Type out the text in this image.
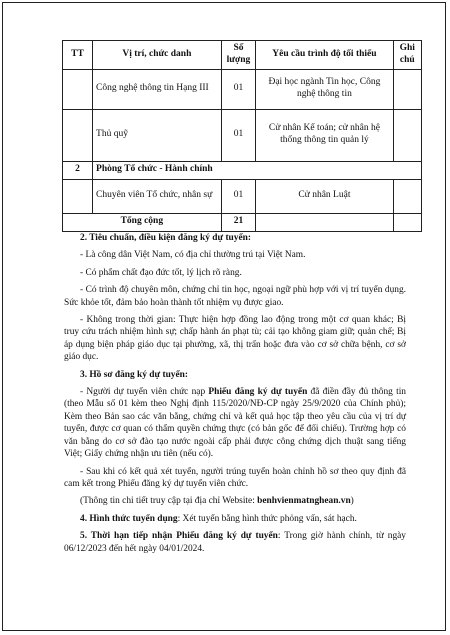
TT	Vị trí, chức danh	Số lượng	Yêu cầu trình độ tối thiểu	Ghi chú
	Công nghệ thông tin Hạng III	01	Đại học ngành Tin học, Công nghệ thông tin	
	Thủ quỹ	01	Cử nhân Kế toán; cử nhân hệ thống thông tin quản lý	
2	Phòng Tổ chức - Hành chính			
	Chuyên viên Tổ chức, nhân sự	01	Cử nhân Luật	
Tổng cộng		21		

2. Tiêu chuẩn, điều kiện đăng ký dự tuyển:

- Là công dân Việt Nam, có địa chỉ thường trú tại Việt Nam.

- Có phẩm chất đạo đức tốt, lý lịch rõ ràng.

- Có trình độ chuyên môn, chứng chỉ tin học, ngoại ngữ phù hợp với vị trí tuyển dụng. Sức khỏe tốt, đảm bảo hoàn thành tốt nhiệm vụ được giao.

- Không trong thời gian: Thực hiện hợp đồng lao động trong một cơ quan khác; Bị truy cứu trách nhiệm hình sự; chấp hành án phạt tù; cải tạo không giam giữ; quản chế; Bị áp dụng biện pháp giáo dục tại phường, xã, thị trấn hoặc đưa vào cơ sở chữa bệnh, cơ sở giáo dục.

3. Hồ sơ đăng ký dự tuyển:

- Người dự tuyển viên chức nạp Phiếu đăng ký dự tuyển đã điền đầy đủ thông tin (theo Mẫu số 01 kèm theo Nghị định 115/2020/NĐ-CP ngày 25/9/2020 của Chính phủ); Kèm theo Bản sao các văn bằng, chứng chỉ và kết quả học tập theo yêu cầu của vị trí dự tuyển, được cơ quan có thẩm quyền chứng thực (có bản gốc để đối chiếu). Trường hợp có văn bằng do cơ sở đào tạo nước ngoài cấp phải được công chứng dịch thuật sang tiếng Việt; Giấy chứng nhận ưu tiên (nếu có).

- Sau khi có kết quả xét tuyển, người trúng tuyển hoàn chỉnh hồ sơ theo quy định đã cam kết trong Phiếu đăng ký dự tuyển viên chức.

(Thông tin chi tiết truy cập tại địa chỉ Website: benhvienmatnghean.vn)

4. Hình thức tuyển dụng: Xét tuyển bằng hình thức phỏng vấn, sát hạch.

5. Thời hạn tiếp nhận Phiếu đăng ký dự tuyển: Trong giờ hành chính, từ ngày 06/12/2023 đến hết ngày 04/01/2024.
